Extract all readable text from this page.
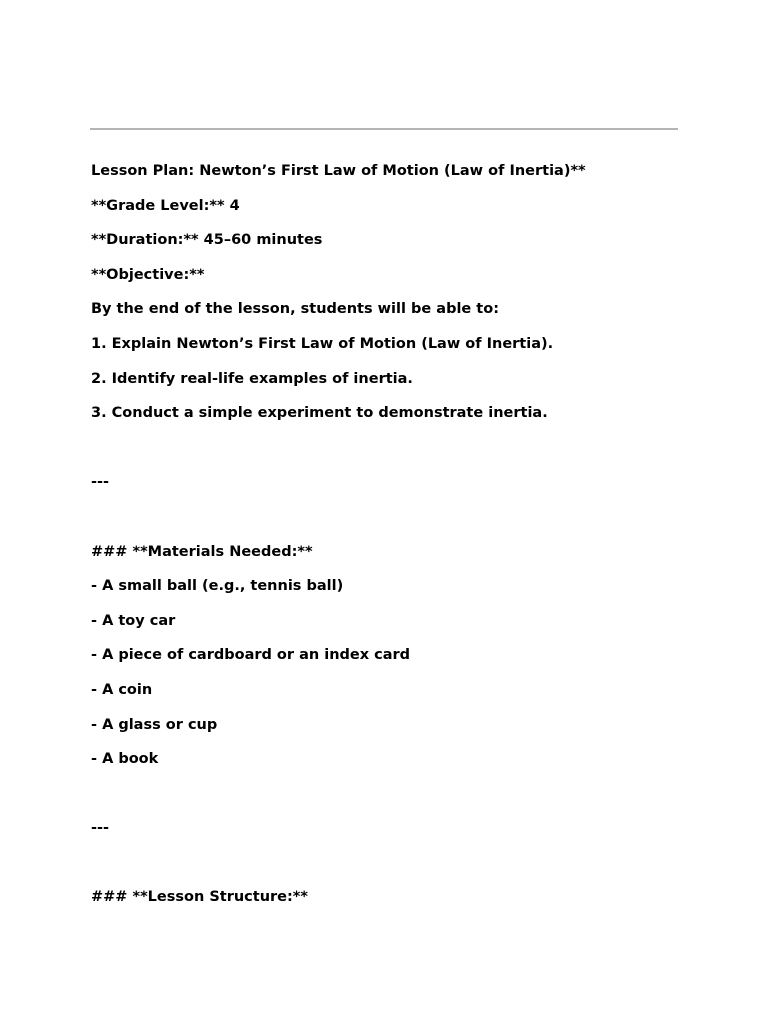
Lesson Plan: Newton’s First Law of Motion (Law of Inertia)**
**Grade Level:** 4
**Duration:** 45–60 minutes
**Objective:**
By the end of the lesson, students will be able to:
1. Explain Newton’s First Law of Motion (Law of Inertia).
2. Identify real-life examples of inertia.
3. Conduct a simple experiment to demonstrate inertia.
---
### **Materials Needed:**
- A small ball (e.g., tennis ball)
- A toy car
- A piece of cardboard or an index card
- A coin
- A glass or cup
- A book
---
### **Lesson Structure:**
